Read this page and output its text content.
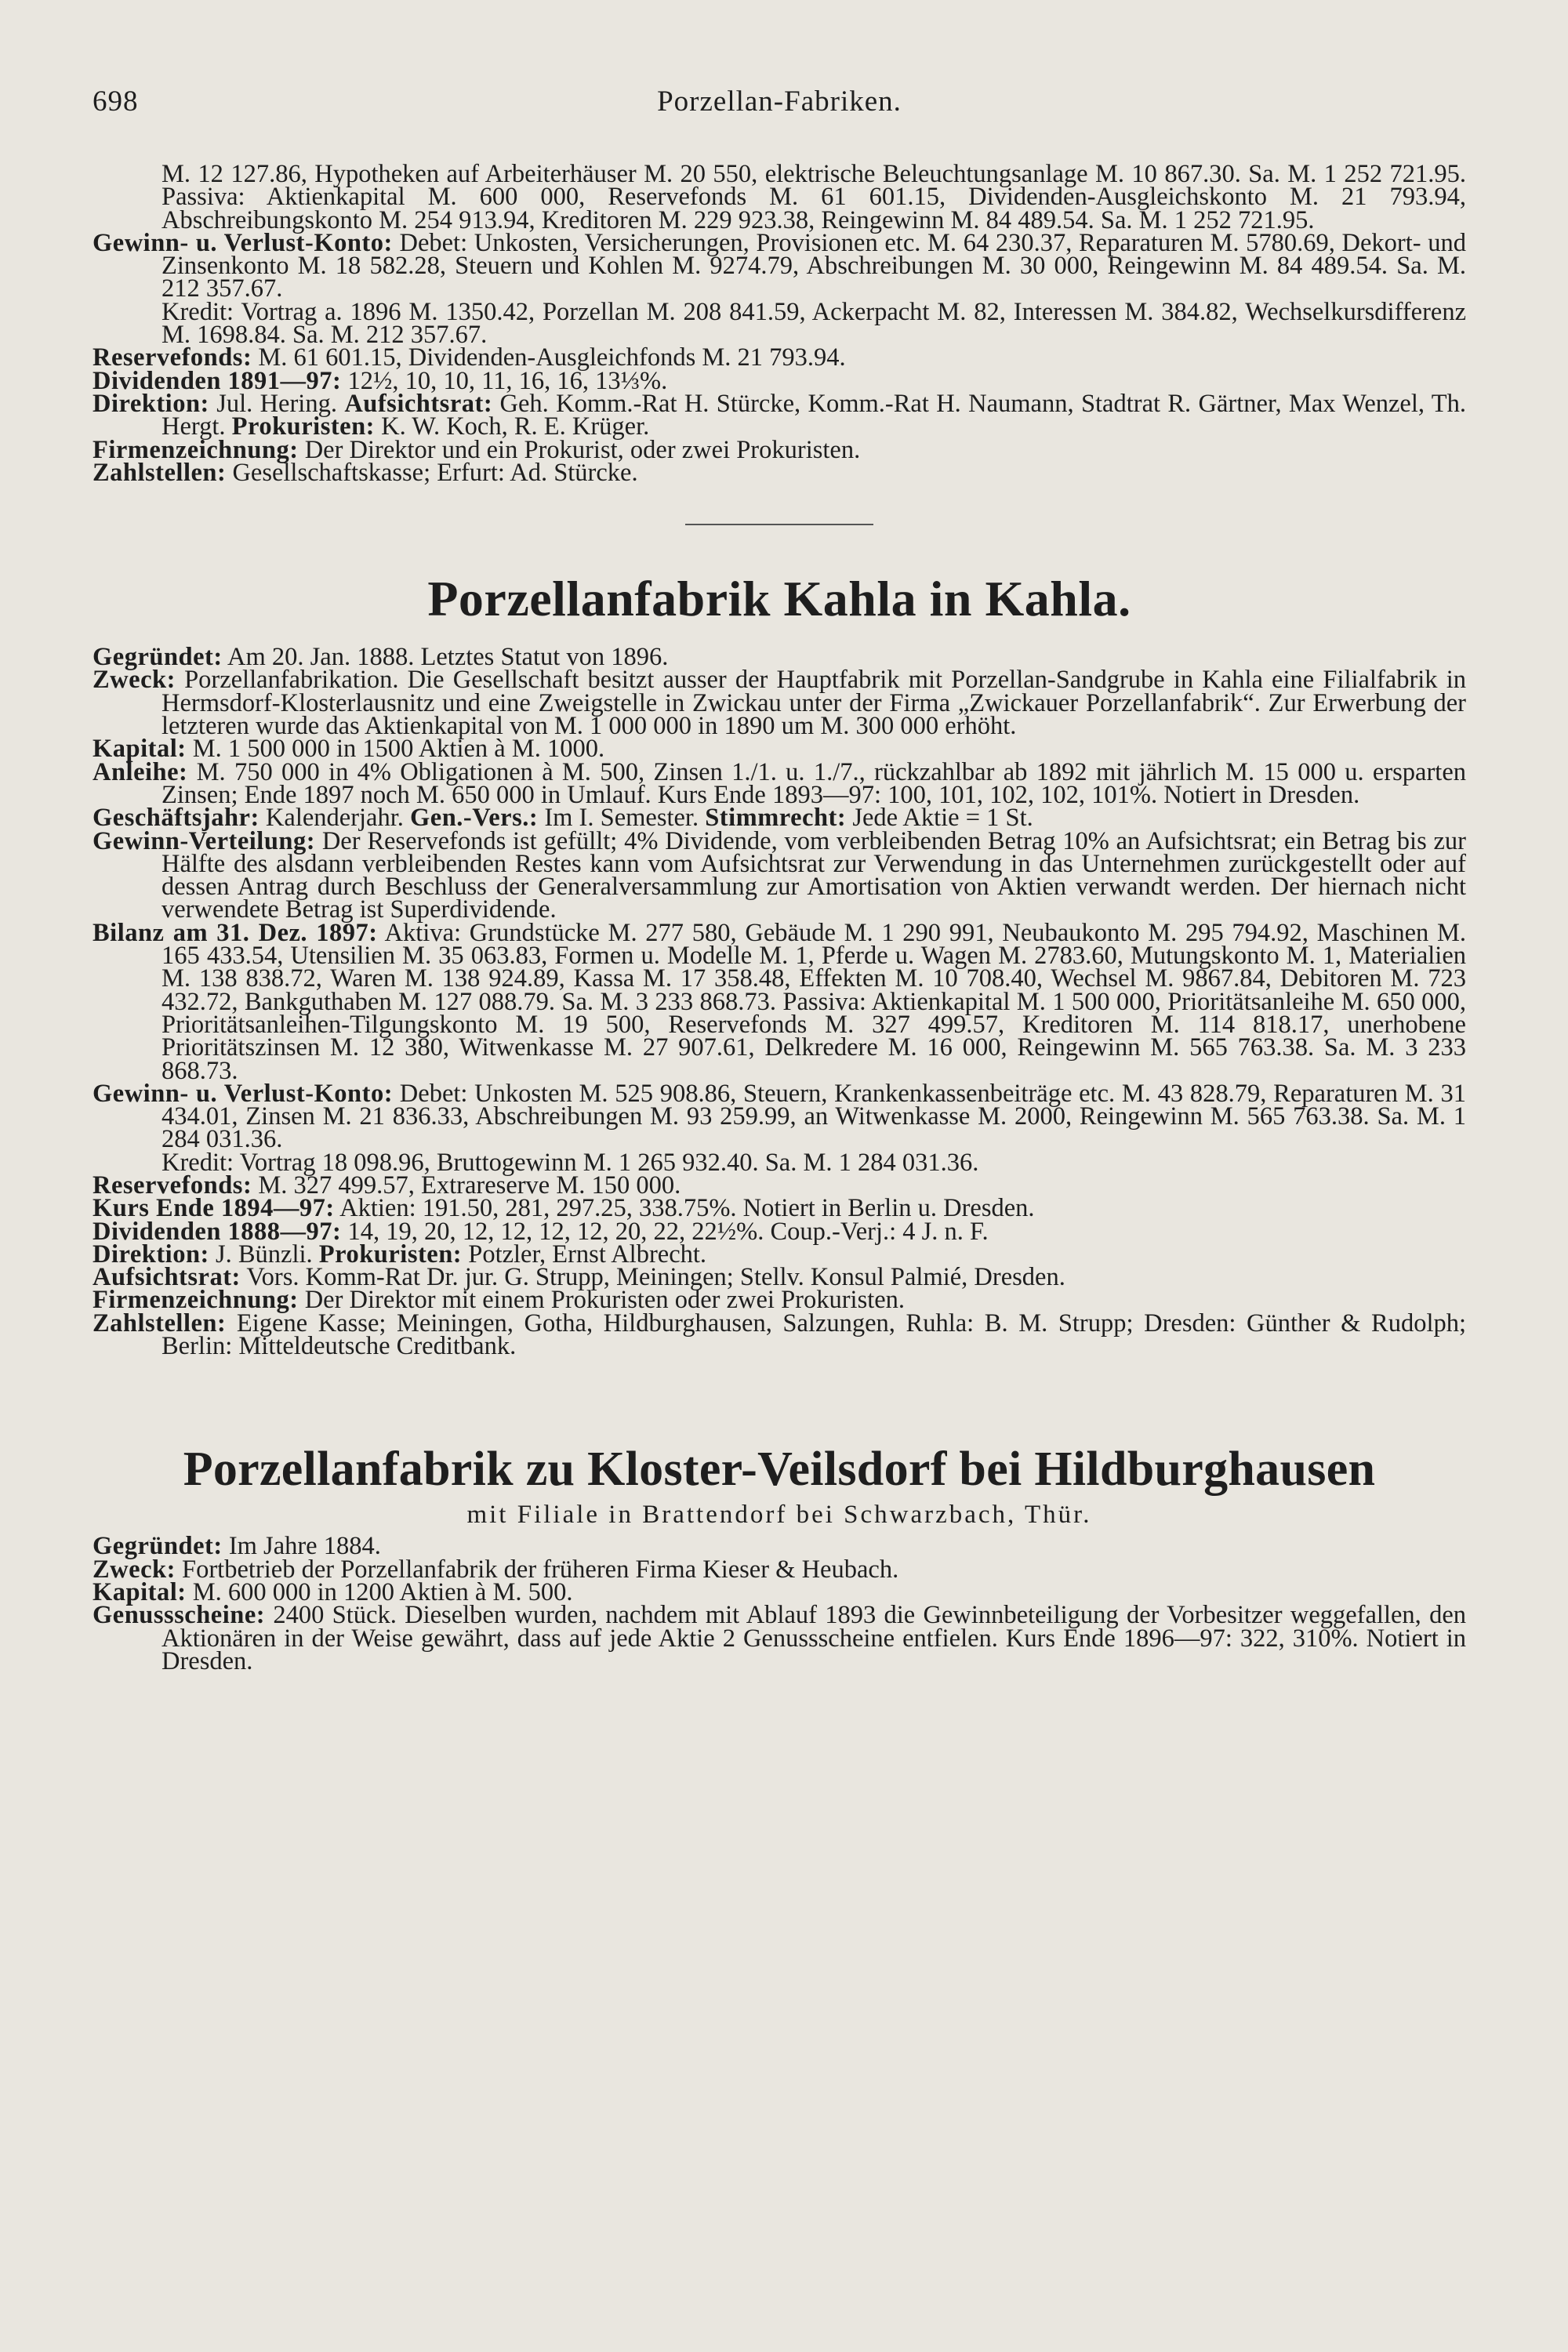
698	Porzellan-Fabriken.

M. 12 127.86, Hypotheken auf Arbeiterhäuser M. 20 550, elektrische Beleuchtungsanlage M. 10 867.30. Sa. M. 1 252 721.95. Passiva: Aktienkapital M. 600 000, Reservefonds M. 61 601.15, Dividenden-Ausgleichskonto M. 21 793.94, Abschreibungskonto M. 254 913.94, Kreditoren M. 229 923.38, Reingewinn M. 84 489.54. Sa. M. 1 252 721.95.

Gewinn- u. Verlust-Konto: Debet: Unkosten, Versicherungen, Provisionen etc. M. 64 230.37, Reparaturen M. 5780.69, Dekort- und Zinsenkonto M. 18 582.28, Steuern und Kohlen M. 9274.79, Abschreibungen M. 30 000, Reingewinn M. 84 489.54. Sa. M. 212 357.67.

Kredit: Vortrag a. 1896 M. 1350.42, Porzellan M. 208 841.59, Ackerpacht M. 82, Interessen M. 384.82, Wechselkursdifferenz M. 1698.84. Sa. M. 212 357.67.

Reservefonds: M. 61 601.15, Dividenden-Ausgleichfonds M. 21 793.94.

Dividenden 1891—97: 12½, 10, 10, 11, 16, 16, 13⅓%.

Direktion: Jul. Hering. Aufsichtsrat: Geh. Komm.-Rat H. Stürcke, Komm.-Rat H. Naumann, Stadtrat R. Gärtner, Max Wenzel, Th. Hergt. Prokuristen: K. W. Koch, R. E. Krüger.

Firmenzeichnung: Der Direktor und ein Prokurist, oder zwei Prokuristen.

Zahlstellen: Gesellschaftskasse; Erfurt: Ad. Stürcke.

Porzellanfabrik Kahla in Kahla.

Gegründet: Am 20. Jan. 1888. Letztes Statut von 1896.

Zweck: Porzellanfabrikation. Die Gesellschaft besitzt ausser der Hauptfabrik mit Porzellan-Sandgrube in Kahla eine Filialfabrik in Hermsdorf-Klosterlausnitz und eine Zweigstelle in Zwickau unter der Firma „Zwickauer Porzellanfabrik“. Zur Erwerbung der letzteren wurde das Aktienkapital von M. 1 000 000 in 1890 um M. 300 000 erhöht.

Kapital: M. 1 500 000 in 1500 Aktien à M. 1000.

Anleihe: M. 750 000 in 4% Obligationen à M. 500, Zinsen 1./1. u. 1./7., rückzahlbar ab 1892 mit jährlich M. 15 000 u. ersparten Zinsen; Ende 1897 noch M. 650 000 in Umlauf. Kurs Ende 1893—97: 100, 101, 102, 102, 101%. Notiert in Dresden.

Geschäftsjahr: Kalenderjahr. Gen.-Vers.: Im I. Semester. Stimmrecht: Jede Aktie = 1 St.

Gewinn-Verteilung: Der Reservefonds ist gefüllt; 4% Dividende, vom verbleibenden Betrag 10% an Aufsichtsrat; ein Betrag bis zur Hälfte des alsdann verbleibenden Restes kann vom Aufsichtsrat zur Verwendung in das Unternehmen zurückgestellt oder auf dessen Antrag durch Beschluss der Generalversammlung zur Amortisation von Aktien verwandt werden. Der hiernach nicht verwendete Betrag ist Superdividende.

Bilanz am 31. Dez. 1897: Aktiva: Grundstücke M. 277 580, Gebäude M. 1 290 991, Neubaukonto M. 295 794.92, Maschinen M. 165 433.54, Utensilien M. 35 063.83, Formen u. Modelle M. 1, Pferde u. Wagen M. 2783.60, Mutungskonto M. 1, Materialien M. 138 838.72, Waren M. 138 924.89, Kassa M. 17 358.48, Effekten M. 10 708.40, Wechsel M. 9867.84, Debitoren M. 723 432.72, Bankguthaben M. 127 088.79. Sa. M. 3 233 868.73. Passiva: Aktienkapital M. 1 500 000, Prioritätsanleihe M. 650 000, Prioritätsanleihen-Tilgungskonto M. 19 500, Reservefonds M. 327 499.57, Kreditoren M. 114 818.17, unerhobene Prioritätszinsen M. 12 380, Witwenkasse M. 27 907.61, Delkredere M. 16 000, Reingewinn M. 565 763.38. Sa. M. 3 233 868.73.

Gewinn- u. Verlust-Konto: Debet: Unkosten M. 525 908.86, Steuern, Krankenkassenbeiträge etc. M. 43 828.79, Reparaturen M. 31 434.01, Zinsen M. 21 836.33, Abschreibungen M. 93 259.99, an Witwenkasse M. 2000, Reingewinn M. 565 763.38. Sa. M. 1 284 031.36.

Kredit: Vortrag 18 098.96, Bruttogewinn M. 1 265 932.40. Sa. M. 1 284 031.36.

Reservefonds: M. 327 499.57, Extrareserve M. 150 000.

Kurs Ende 1894—97: Aktien: 191.50, 281, 297.25, 338.75%. Notiert in Berlin u. Dresden.

Dividenden 1888—97: 14, 19, 20, 12, 12, 12, 12, 20, 22, 22½%. Coup.-Verj.: 4 J. n. F.

Direktion: J. Bünzli. Prokuristen: Potzler, Ernst Albrecht.

Aufsichtsrat: Vors. Komm-Rat Dr. jur. G. Strupp, Meiningen; Stellv. Konsul Palmié, Dresden.

Firmenzeichnung: Der Direktor mit einem Prokuristen oder zwei Prokuristen.

Zahlstellen: Eigene Kasse; Meiningen, Gotha, Hildburghausen, Salzungen, Ruhla: B. M. Strupp; Dresden: Günther & Rudolph; Berlin: Mitteldeutsche Creditbank.

Porzellanfabrik zu Kloster-Veilsdorf bei Hildburghausen

mit Filiale in Brattendorf bei Schwarzbach, Thür.

Gegründet: Im Jahre 1884.

Zweck: Fortbetrieb der Porzellanfabrik der früheren Firma Kieser & Heubach.

Kapital: M. 600 000 in 1200 Aktien à M. 500.

Genussscheine: 2400 Stück. Dieselben wurden, nachdem mit Ablauf 1893 die Gewinnbeteiligung der Vorbesitzer weggefallen, den Aktionären in der Weise gewährt, dass auf jede Aktie 2 Genussscheine entfielen. Kurs Ende 1896—97: 322, 310%. Notiert in Dresden.
